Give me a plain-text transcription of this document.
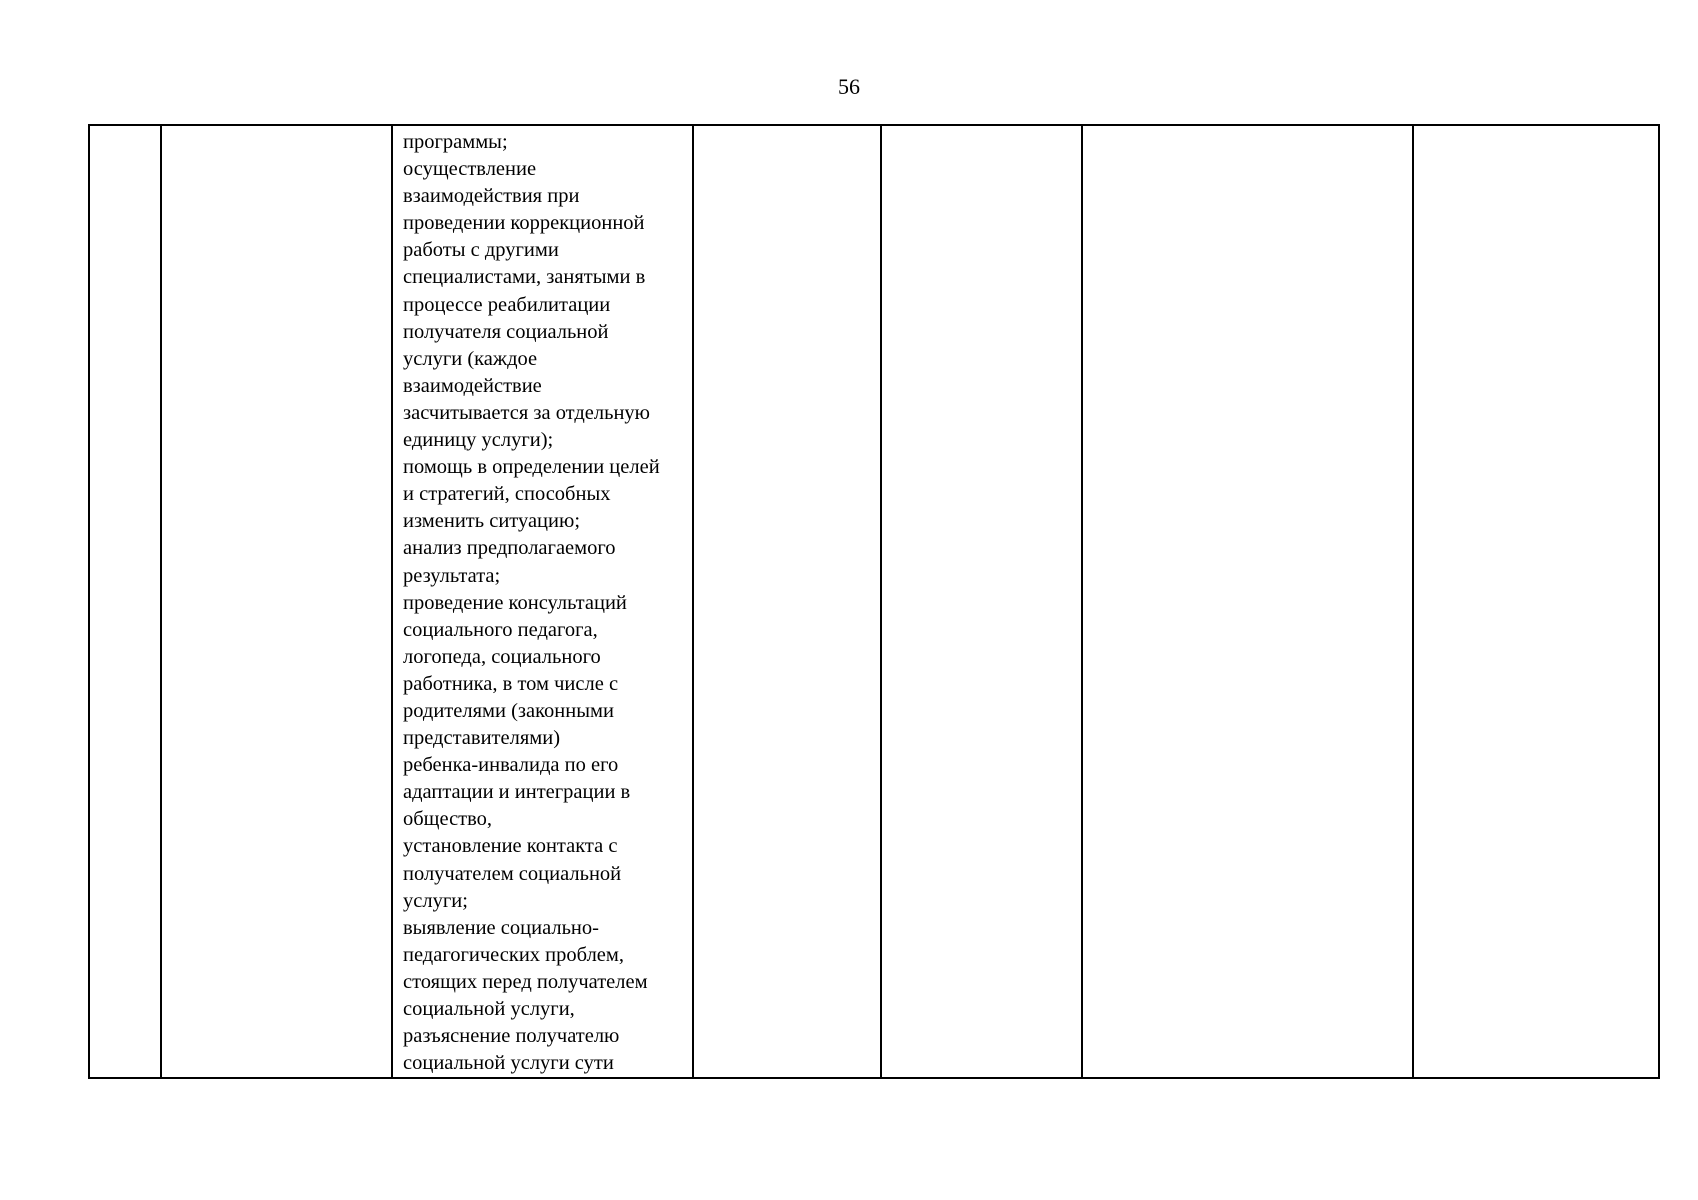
56

программы;
осуществление
взаимодействия при
проведении коррекционной
работы с другими
специалистами, занятыми в
процессе реабилитации
получателя социальной
услуги (каждое
взаимодействие
засчитывается за отдельную
единицу услуги);
помощь в определении целей
и стратегий, способных
изменить ситуацию;
анализ предполагаемого
результата;
проведение консультаций
социального педагога,
логопеда, социального
работника, в том числе с
родителями (законными
представителями)
ребенка-инвалида по его
адаптации и интеграции в
общество,
установление контакта с
получателем социальной
услуги;
выявление социально-
педагогических проблем,
стоящих перед получателем
социальной услуги,
разъяснение получателю
социальной услуги сути
